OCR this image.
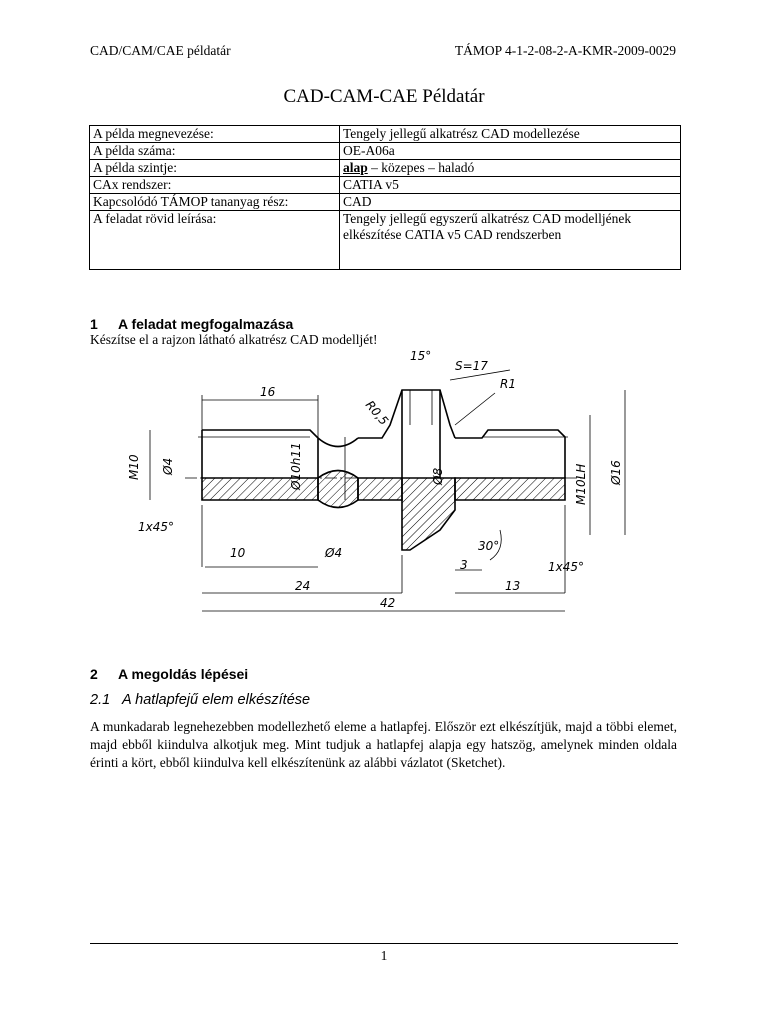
CAD/CAM/CAE példatár	TÁMOP 4-1-2-08-2-A-KMR-2009-0029
CAD-CAM-CAE Példatár
A példa megnevezése:	Tengely jellegű alkatrész CAD modellezése
A példa száma:	OE-A06a
A példa szintje:	alap – közepes – haladó
CAx rendszer:	CATIA v5
Kapcsolódó TÁMOP tananyag rész:	CAD
A feladat rövid leírása:	Tengely jellegű egyszerű alkatrész CAD modelljének elkészítése CATIA v5 CAD rendszerben
1 A feladat megfogalmazása
Készítse el a rajzon látható alkatrész CAD modelljét!
16
15°
S=17
R0,5
R1
M10 Ø4	Ø10h11	Ø8	M10LH Ø16
1x45°
10	Ø4	30°
3	1x45°
24	13
42
2 A megoldás lépései
2.1 A hatlapfejű elem elkészítése
A munkadarab legnehezebben modellezhető eleme a hatlapfej. Először ezt elkészítjük, majd a többi elemet, majd ebből kiindulva alkotjuk meg. Mint tudjuk a hatlapfej alapja egy hatszög, amelynek minden oldala érinti a kört, ebből kiindulva kell elkészítenünk az alábbi vázlatot (Sketchet).
1
